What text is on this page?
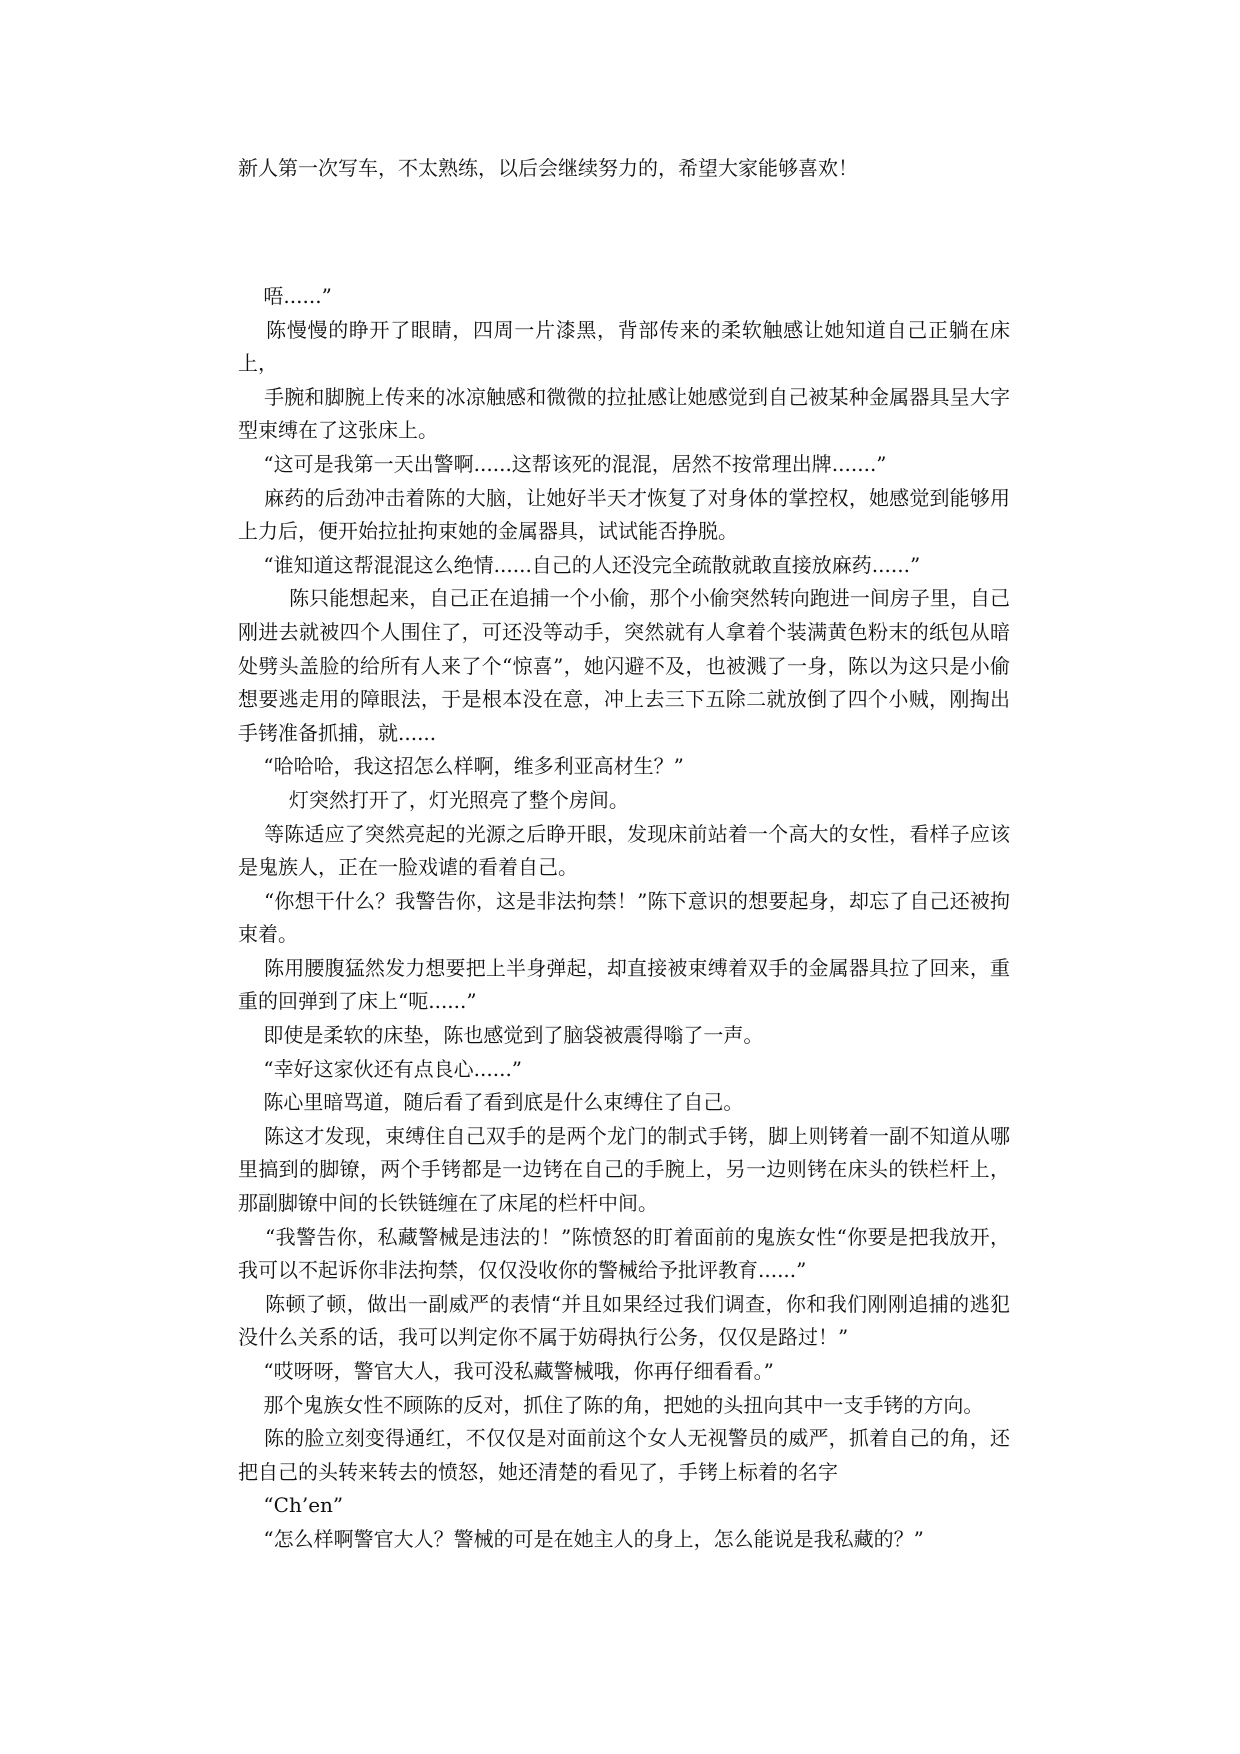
新人第一次写车，不太熟练，以后会继续努力的，希望大家能够喜欢！

唔......”

陈慢慢的睁开了眼睛，四周一片漆黑，背部传来的柔软触感让她知道自己正躺在床上，

手腕和脚腕上传来的冰凉触感和微微的拉扯感让她感觉到自己被某种金属器具呈大字型束缚在了这张床上。

“这可是我第一天出警啊......这帮该死的混混，居然不按常理出牌.......”

麻药的后劲冲击着陈的大脑，让她好半天才恢复了对身体的掌控权，她感觉到能够用上力后，便开始拉扯拘束她的金属器具，试试能否挣脱。

“谁知道这帮混混这么绝情......自己的人还没完全疏散就敢直接放麻药......”

陈只能想起来，自己正在追捕一个小偷，那个小偷突然转向跑进一间房子里，自己刚进去就被四个人围住了，可还没等动手，突然就有人拿着个装满黄色粉末的纸包从暗处劈头盖脸的给所有人来了个“惊喜”，她闪避不及，也被溅了一身，陈以为这只是小偷想要逃走用的障眼法，于是根本没在意，冲上去三下五除二就放倒了四个小贼，刚掏出手铐准备抓捕，就......

“哈哈哈，我这招怎么样啊，维多利亚高材生？”

灯突然打开了，灯光照亮了整个房间。

等陈适应了突然亮起的光源之后睁开眼，发现床前站着一个高大的女性，看样子应该是鬼族人，正在一脸戏谑的看着自己。

“你想干什么？我警告你，这是非法拘禁！”陈下意识的想要起身，却忘了自己还被拘束着。

陈用腰腹猛然发力想要把上半身弹起，却直接被束缚着双手的金属器具拉了回来，重重的回弹到了床上“呃......”

即使是柔软的床垫，陈也感觉到了脑袋被震得嗡了一声。

“幸好这家伙还有点良心......”

陈心里暗骂道，随后看了看到底是什么束缚住了自己。

陈这才发现，束缚住自己双手的是两个龙门的制式手铐，脚上则铐着一副不知道从哪里搞到的脚镣，两个手铐都是一边铐在自己的手腕上，另一边则铐在床头的铁栏杆上，那副脚镣中间的长铁链缠在了床尾的栏杆中间。

“我警告你，私藏警械是违法的！”陈愤怒的盯着面前的鬼族女性“你要是把我放开，我可以不起诉你非法拘禁，仅仅没收你的警械给予批评教育......”

陈顿了顿，做出一副威严的表情“并且如果经过我们调查，你和我们刚刚追捕的逃犯没什么关系的话，我可以判定你不属于妨碍执行公务，仅仅是路过！”

“哎呀呀，警官大人，我可没私藏警械哦，你再仔细看看。”

那个鬼族女性不顾陈的反对，抓住了陈的角，把她的头扭向其中一支手铐的方向。

陈的脸立刻变得通红，不仅仅是对面前这个女人无视警员的威严，抓着自己的角，还把自己的头转来转去的愤怒，她还清楚的看见了，手铐上标着的名字

“Ch’en”

“怎么样啊警官大人？警械的可是在她主人的身上，怎么能说是我私藏的？”
